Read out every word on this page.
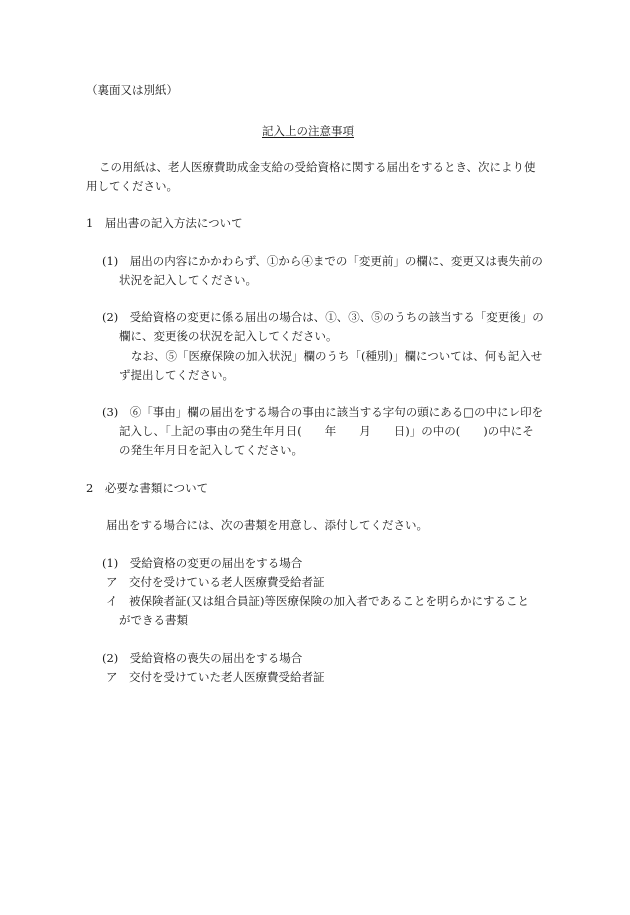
（裏面又は別紙）
記入上の注意事項
この用紙は、老人医療費助成金支給の受給資格に関する届出をするとき、次により使
用してください。
1　届出書の記入方法について
(1)　届出の内容にかかわらず、①から④までの「変更前」の欄に、変更又は喪失前の
状況を記入してください。
(2)　受給資格の変更に係る届出の場合は、①、③、⑤のうちの該当する「変更後」の
欄に、変更後の状況を記入してください。
なお、⑤「医療保険の加入状況」欄のうち「(種別)」欄については、何も記入せ
ず提出してください。
(3)　⑥「事由」欄の届出をする場合の事由に該当する字句の頭にある□の中にレ印を
記入し、「上記の事由の発生年月日(　　年　　月　　日)」の中の(　　)の中にそ
の発生年月日を記入してください。
2　必要な書類について
届出をする場合には、次の書類を用意し、添付してください。
(1)　受給資格の変更の届出をする場合
ア　交付を受けている老人医療費受給者証
イ　被保険者証(又は組合員証)等医療保険の加入者であることを明らかにすること
ができる書類
(2)　受給資格の喪失の届出をする場合
ア　交付を受けていた老人医療費受給者証
